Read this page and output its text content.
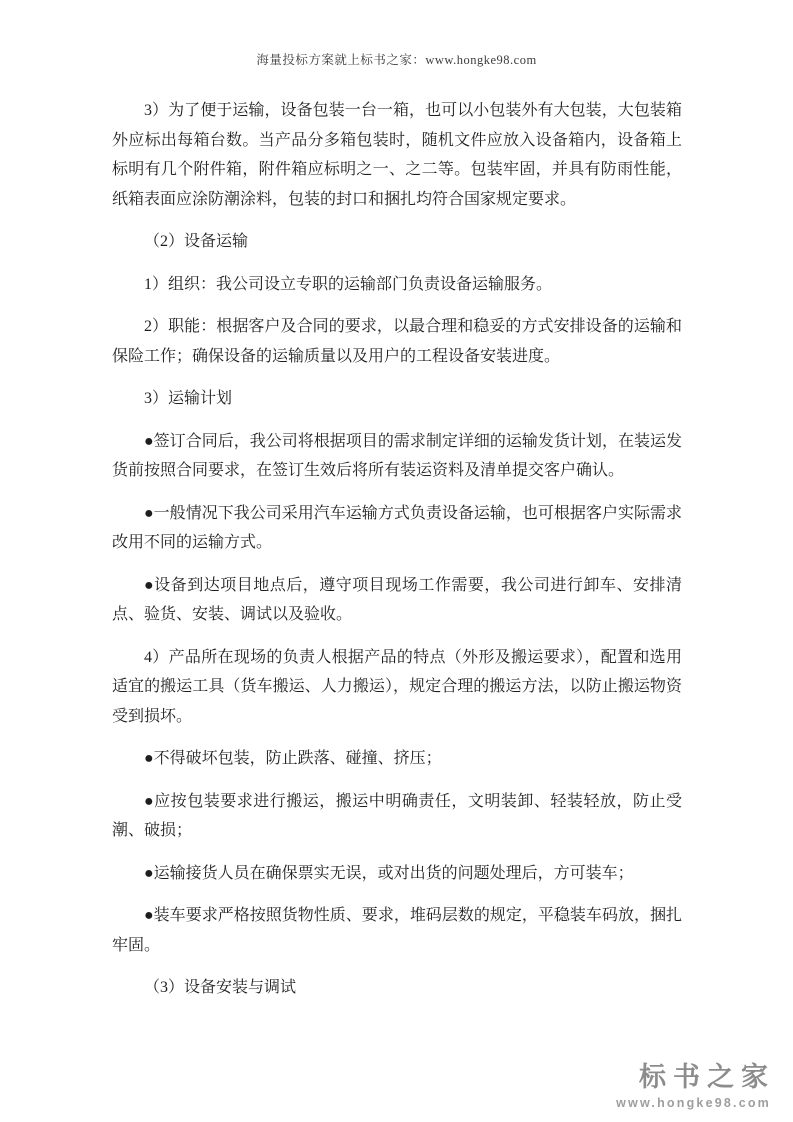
海量投标方案就上标书之家：www.hongke98.com

3）为了便于运输，设备包装一台一箱，也可以小包装外有大包装，大包装箱外应标出每箱台数。当产品分多箱包装时，随机文件应放入设备箱内，设备箱上标明有几个附件箱，附件箱应标明之一、之二等。包装牢固，并具有防雨性能，纸箱表面应涂防潮涂料，包装的封口和捆扎均符合国家规定要求。

（2）设备运输

1）组织：我公司设立专职的运输部门负责设备运输服务。

2）职能：根据客户及合同的要求，以最合理和稳妥的方式安排设备的运输和保险工作；确保设备的运输质量以及用户的工程设备安装进度。

3）运输计划

●签订合同后，我公司将根据项目的需求制定详细的运输发货计划，在装运发货前按照合同要求，在签订生效后将所有装运资料及清单提交客户确认。

●一般情况下我公司采用汽车运输方式负责设备运输，也可根据客户实际需求改用不同的运输方式。

●设备到达项目地点后，遵守项目现场工作需要，我公司进行卸车、安排清点、验货、安装、调试以及验收。

4）产品所在现场的负责人根据产品的特点（外形及搬运要求），配置和选用适宜的搬运工具（货车搬运、人力搬运），规定合理的搬运方法，以防止搬运物资受到损坏。

●不得破坏包装，防止跌落、碰撞、挤压；

●应按包装要求进行搬运，搬运中明确责任，文明装卸、轻装轻放，防止受潮、破损；

●运输接货人员在确保票实无误，或对出货的问题处理后，方可装车；

●装车要求严格按照货物性质、要求，堆码层数的规定，平稳装车码放，捆扎牢固。

（3）设备安装与调试

标书之家
www.hongke98.com
